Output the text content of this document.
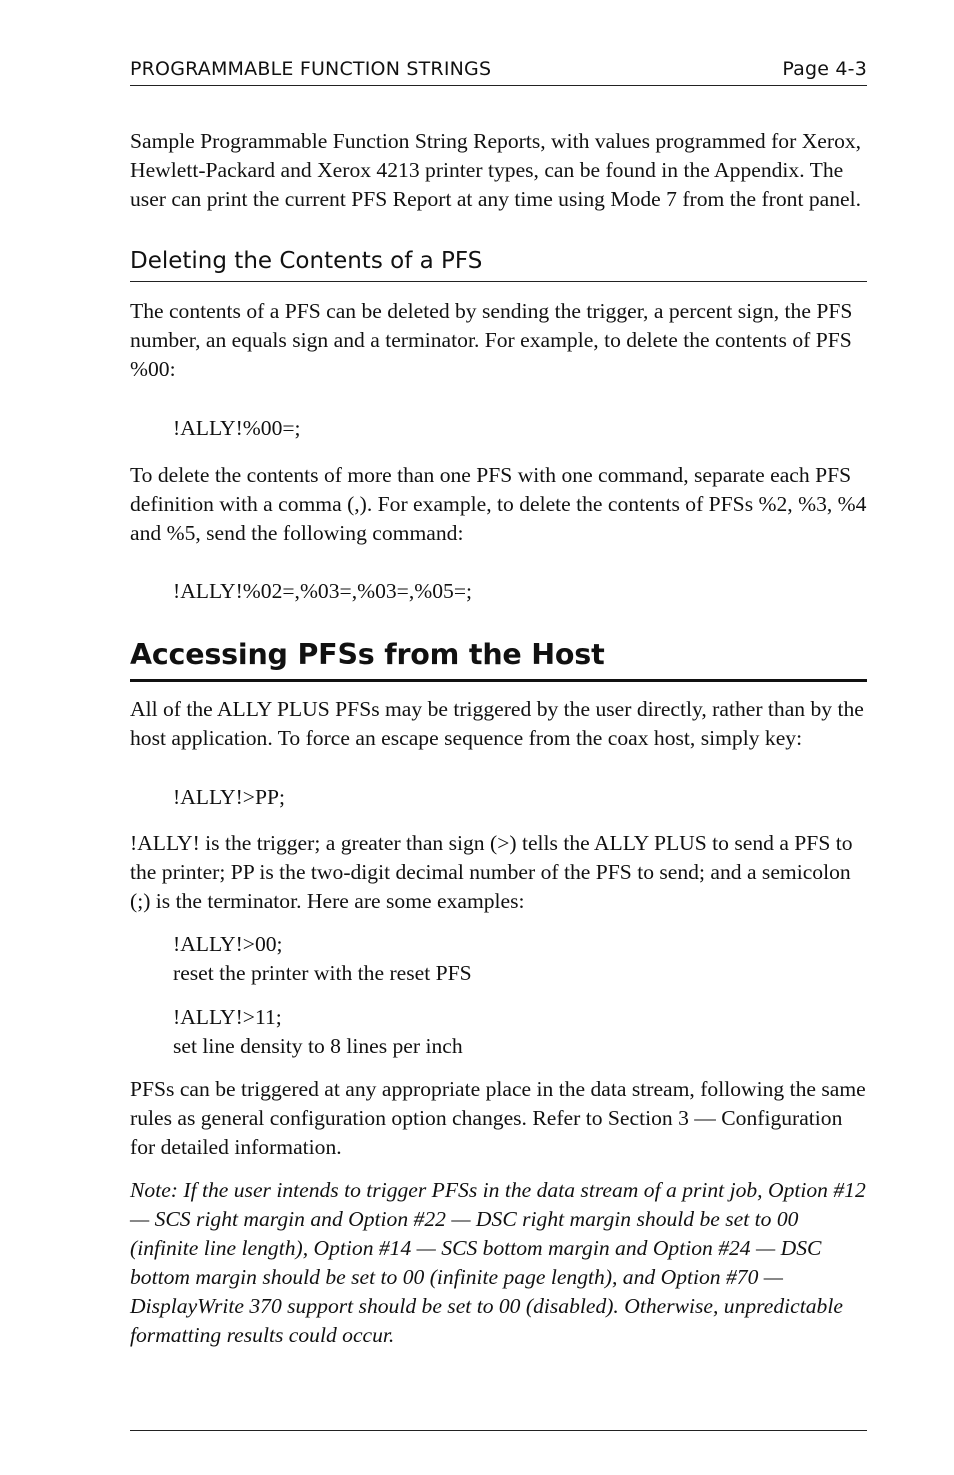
PROGRAMMABLE FUNCTION STRINGS	Page 4-3

Sample Programmable Function String Reports, with values programmed for Xerox, Hewlett-Packard and Xerox 4213 printer types, can be found in the Appendix. The user can print the current PFS Report at any time using Mode 7 from the front panel.

Deleting the Contents of a PFS

The contents of a PFS can be deleted by sending the trigger, a percent sign, the PFS number, an equals sign and a terminator. For example, to delete the contents of PFS %00:

!ALLY!%00=;

To delete the contents of more than one PFS with one command, separate each PFS definition with a comma (,). For example, to delete the contents of PFSs %2, %3, %4 and %5, send the following command:

!ALLY!%02=,%03=,%03=,%05=;

Accessing PFSs from the Host

All of the ALLY PLUS PFSs may be triggered by the user directly, rather than by the host application. To force an escape sequence from the coax host, simply key:

!ALLY!>PP;

!ALLY! is the trigger; a greater than sign (>) tells the ALLY PLUS to send a PFS to the printer; PP is the two-digit decimal number of the PFS to send; and a semicolon (;) is the terminator. Here are some examples:

!ALLY!>00;
reset the printer with the reset PFS
!ALLY!>11;
set line density to 8 lines per inch

PFSs can be triggered at any appropriate place in the data stream, following the same rules as general configuration option changes. Refer to Section 3 — Configuration for detailed information.

Note: If the user intends to trigger PFSs in the data stream of a print job, Option #12 — SCS right margin and Option #22 — DSC right margin should be set to 00 (infinite line length), Option #14 — SCS bottom margin and Option #24 — DSC bottom margin should be set to 00 (infinite page length), and Option #70 — DisplayWrite 370 support should be set to 00 (disabled). Otherwise, unpredictable formatting results could occur.
